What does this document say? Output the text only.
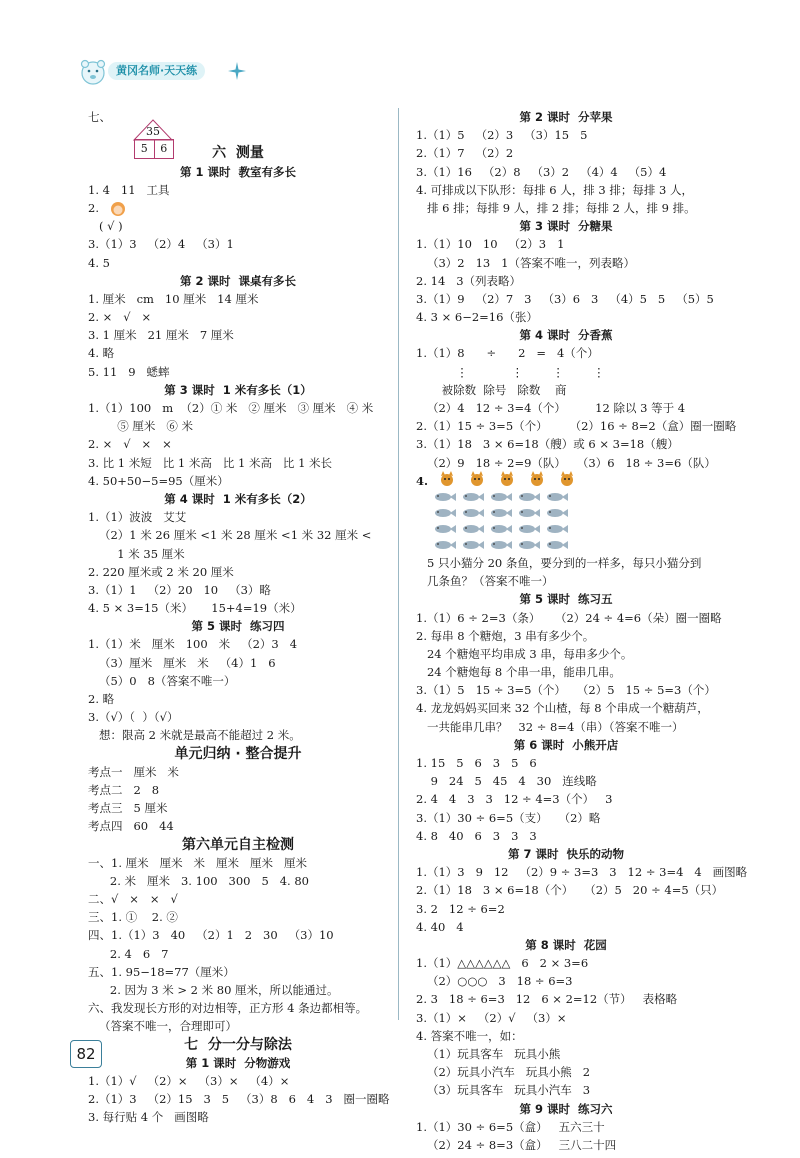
黄冈名师·天天练
35
5	6
七、
六  测量
第 1 课时  教室有多长
1. 4   11   工具
2.
( √ )
3.（1）3   （2）4   （3）1
4. 5
第 2 课时  课桌有多长
1. 厘米   cm   10 厘米   14 厘米
2. ×   √   ×
3. 1 厘米   21 厘米   7 厘米
4. 略
5. 11   9   蟋蟀
第 3 课时  1 米有多长（1）
1.（1）100   m  （2）① 米   ② 厘米   ③ 厘米   ④ 米
⑤ 厘米   ⑥ 米
2. ×   √   ×   ×
3. 比 1 米短   比 1 米高   比 1 米高   比 1 米长
4. 50+50−5=95（厘米）
第 4 课时  1 米有多长（2）
1.（1）波波   艾艾
（2）1 米 26 厘米 <1 米 28 厘米 <1 米 32 厘米 <
1 米 35 厘米
2. 220 厘米或 2 米 20 厘米
3.（1）1   （2）20   10   （3）略
4. 5 × 3=15（米）     15+4=19（米）
第 5 课时  练习四
1.（1）米   厘米   100   米   （2）3   4
（3）厘米   厘米   米   （4）1   6
（5）0   8（答案不唯一）
2. 略
3.（√）（  ）（√）
想：限高 2 米就是最高不能超过 2 米。
单元归纳 · 整合提升
考点一   厘米   米
考点二   2   8
考点三   5 厘米
考点四   60   44
第六单元自主检测
一、1. 厘米   厘米   米   厘米   厘米   厘米
2. 米   厘米   3. 100   300   5   4. 80
二、√   ×   ×   √
三、1. ①    2. ②
四、1.（1）3   40   （2）1   2   30   （3）10
2. 4   6   7
五、1. 95−18=77（厘米）
2. 因为 3 米 > 2 米 80 厘米，所以能通过。
六、我发现长方形的对边相等，正方形 4 条边都相等。
（答案不唯一，合理即可）
七  分一分与除法
第 1 课时  分物游戏
1.（1）√   （2）×   （3）×   （4）×
2.（1）3   （2）15   3   5   （3）8   6   4   3   圈一圈略
3. 每行贴 4 个   画图略
第 2 课时  分苹果
1.（1）5   （2）3   （3）15   5
2.（1）7   （2）2
3.（1）16   （2）8   （3）2   （4）4   （5）4
4. 可排成以下队形：每排 6 人，排 3 排；每排 3 人，
排 6 排；每排 9 人，排 2 排；每排 2 人，排 9 排。
第 3 课时  分糖果
1.（1）10   10   （2）3   1
（3）2   13   1（答案不唯一，列表略）
2. 14   3（列表略）
3.（1）9   （2）7   3   （3）6   3   （4）5   5   （5）5
4. 3 × 6−2=16（张）
第 4 课时  分香蕉
1.（1）8      ÷      2   =   4（个）
⋮            ⋮        ⋮        ⋮
被除数  除号   除数    商
（2）4   12 ÷ 3=4（个）        12 除以 3 等于 4
2.（1）15 ÷ 3=5（个）      （2）16 ÷ 8=2（盒）圈一圈略
3.（1）18   3 × 6=18（艘）或 6 × 3=18（艘）
（2）9   18 ÷ 2=9（队）   （3）6   18 ÷ 3=6（队）
4.
5 只小猫分 20 条鱼，要分到的一样多，每只小猫分到
几条鱼？（答案不唯一）
第 5 课时  练习五
1.（1）6 ÷ 2=3（条）    （2）24 ÷ 4=6（朵）圈一圈略
2. 每串 8 个糖炮，3 串有多少个。
24 个糖炮平均串成 3 串，每串多少个。
24 个糖炮每 8 个串一串，能串几串。
3.（1）5   15 ÷ 3=5（个）   （2）5   15 ÷ 5=3（个）
4. 龙龙妈妈买回来 32 个山楂，每 8 个串成一个糖葫芦，
一共能串几串？   32 ÷ 8=4（串）（答案不唯一）
第 6 课时  小熊开店
1. 15   5   6   3   5   6
9   24   5   45   4   30   连线略
2. 4   4   3   3   12 ÷ 4=3（个）   3
3.（1）30 ÷ 6=5（支）   （2）略
4. 8   40   6   3   3   3
第 7 课时  快乐的动物
1.（1）3   9   12   （2）9 ÷ 3=3   3   12 ÷ 3=4   4   画图略
2.（1）18   3 × 6=18（个）   （2）5   20 ÷ 4=5（只）
3. 2   12 ÷ 6=2
4. 40   4
第 8 课时  花园
1.（1）△△△△△△   6   2 × 3=6
（2）○○○   3   18 ÷ 6=3
2. 3   18 ÷ 6=3   12   6 × 2=12（节）   表格略
3.（1）×   （2）√   （3）×
4. 答案不唯一，如：
（1）玩具客车   玩具小熊
（2）玩具小汽车   玩具小熊   2
（3）玩具客车   玩具小汽车   3
第 9 课时  练习六
1.（1）30 ÷ 6=5（盒）   五六三十
（2）24 ÷ 8=3（盒）   三八二十四
82
